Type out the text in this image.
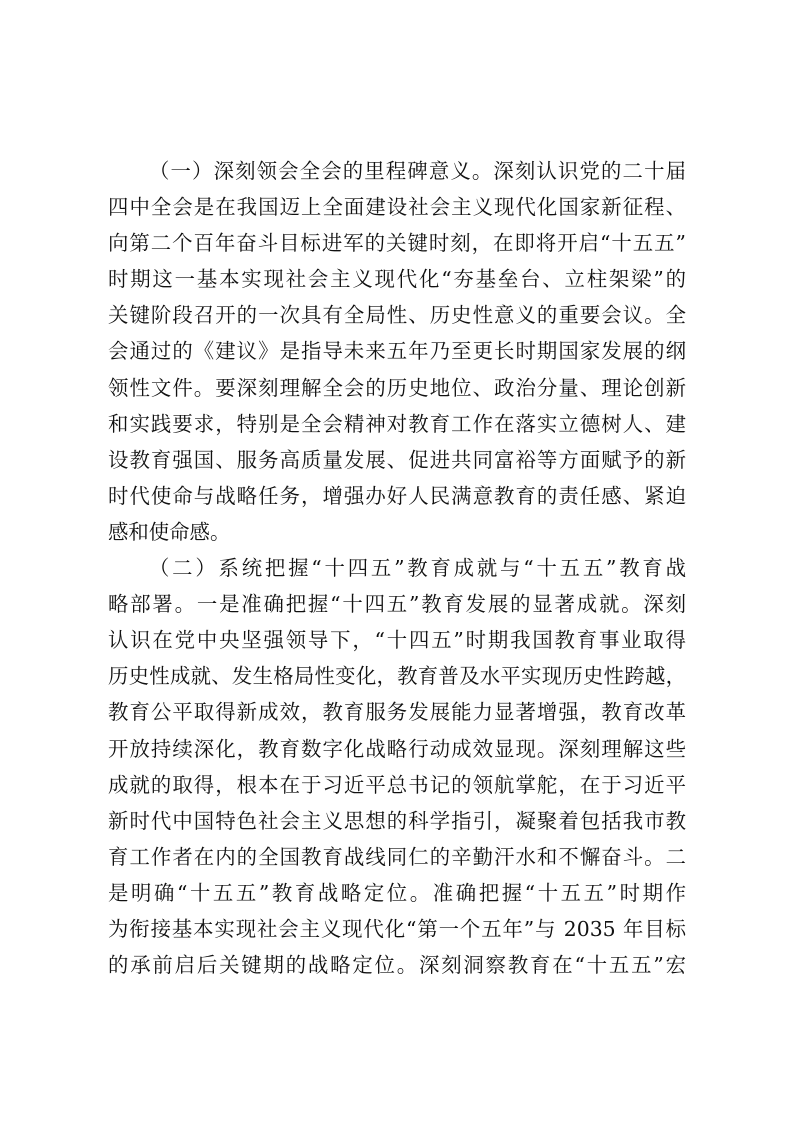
（一）深刻领会全会的里程碑意义。深刻认识党的二十届
四中全会是在我国迈上全面建设社会主义现代化国家新征程、
向第二个百年奋斗目标进军的关键时刻，在即将开启“十五五”
时期这一基本实现社会主义现代化“夯基垒台、立柱架梁”的
关键阶段召开的一次具有全局性、历史性意义的重要会议。全
会通过的《建议》是指导未来五年乃至更长时期国家发展的纲
领性文件。要深刻理解全会的历史地位、政治分量、理论创新
和实践要求，特别是全会精神对教育工作在落实立德树人、建
设教育强国、服务高质量发展、促进共同富裕等方面赋予的新
时代使命与战略任务，增强办好人民满意教育的责任感、紧迫
感和使命感。
（二）系统把握“十四五”教育成就与“十五五”教育战
略部署。一是准确把握“十四五”教育发展的显著成就。深刻
认识在党中央坚强领导下，“十四五”时期我国教育事业取得
历史性成就、发生格局性变化，教育普及水平实现历史性跨越，
教育公平取得新成效，教育服务发展能力显著增强，教育改革
开放持续深化，教育数字化战略行动成效显现。深刻理解这些
成就的取得，根本在于习近平总书记的领航掌舵，在于习近平
新时代中国特色社会主义思想的科学指引，凝聚着包括我市教
育工作者在内的全国教育战线同仁的辛勤汗水和不懈奋斗。二
是明确“十五五”教育战略定位。准确把握“十五五”时期作
为衔接基本实现社会主义现代化“第一个五年”与 2035 年目标
的承前启后关键期的战略定位。深刻洞察教育在“十五五”宏
